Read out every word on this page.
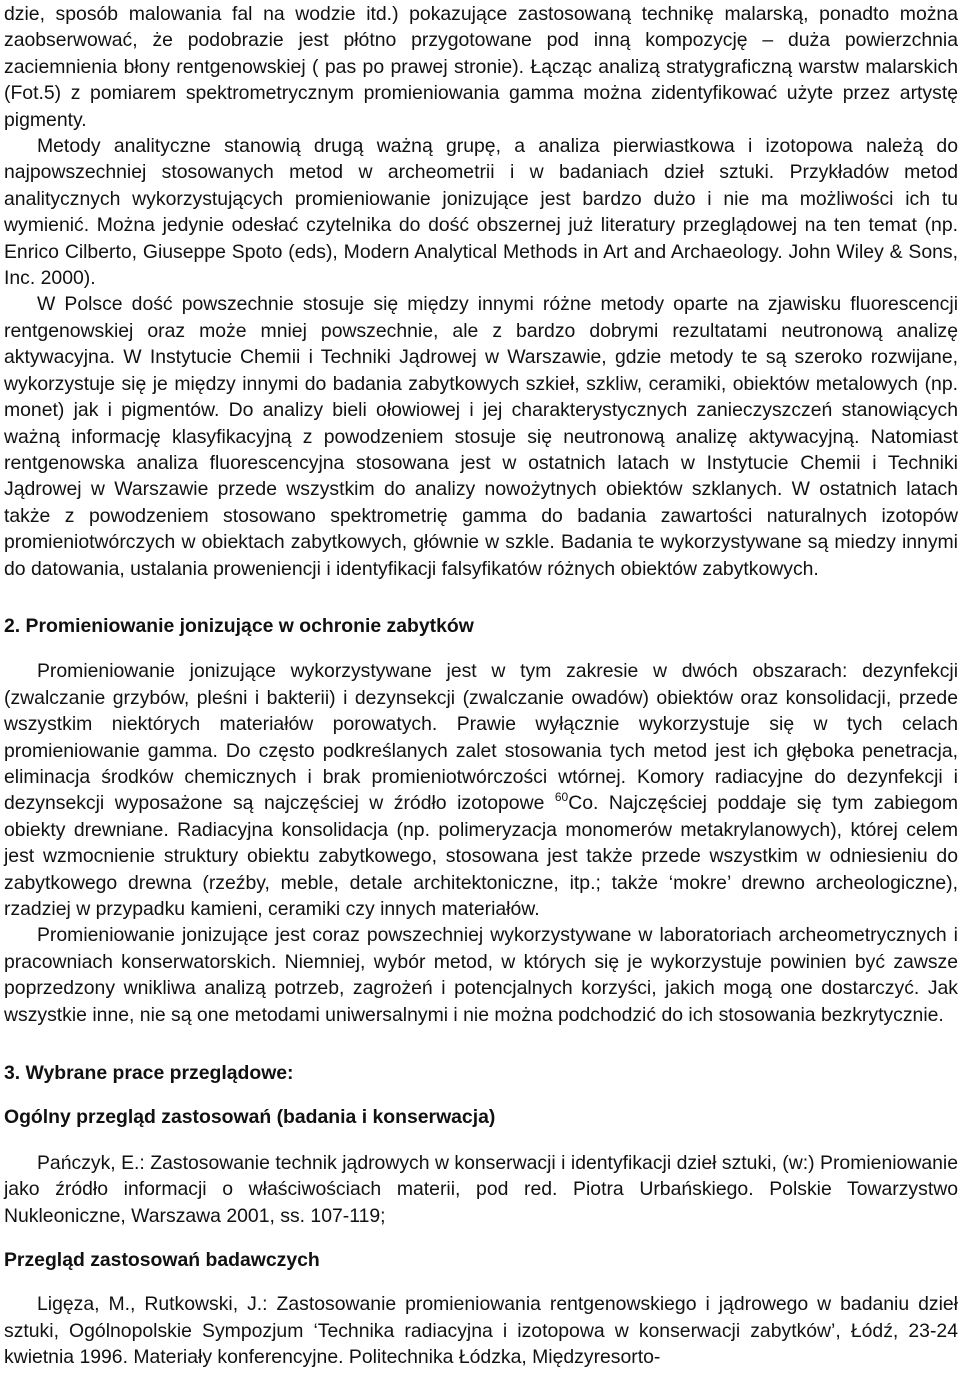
dzie, sposób malowania fal na wodzie itd.) pokazujące zastosowaną technikę malarską, ponadto można zaobserwować, że podobrazie jest płótno przygotowane pod inną kompozycję – duża powierzchnia zaciemnienia błony rentgenowskiej ( pas po prawej stronie). Łącząc analizą stratygraficzną warstw malarskich (Fot.5) z pomiarem spektrometrycznym promieniowania gamma można zidentyfikować użyte przez artystę pigmenty.

Metody analityczne stanowią drugą ważną grupę, a analiza pierwiastkowa i izotopowa należą do najpowszechniej stosowanych metod w archeometrii i w badaniach dzieł sztuki. Przykładów metod analitycznych wykorzystujących promieniowanie jonizujące jest bardzo dużo i nie ma możliwości ich tu wymienić. Można jedynie odesłać czytelnika do dość obszernej już literatury przeglądowej na ten temat (np. Enrico Cilberto, Giuseppe Spoto (eds), Modern Analytical Methods in Art and Archaeology. John Wiley & Sons, Inc. 2000).

W Polsce dość powszechnie stosuje się między innymi różne metody oparte na zjawisku fluorescencji rentgenowskiej oraz może mniej powszechnie, ale z bardzo dobrymi rezultatami neutronową analizę aktywacyjna. W Instytucie Chemii i Techniki Jądrowej w Warszawie, gdzie metody te są szeroko rozwijane, wykorzystuje się je między innymi do badania zabytkowych szkieł, szkliw, ceramiki, obiektów metalowych (np. monet) jak i pigmentów. Do analizy bieli ołowiowej i jej charakterystycznych zanieczyszczeń stanowiących ważną informację klasyfikacyjną z powodzeniem stosuje się neutronową analizę aktywacyjną. Natomiast rentgenowska analiza fluorescencyjna stosowana jest w ostatnich latach w Instytucie Chemii i Techniki Jądrowej w Warszawie przede wszystkim do analizy nowożytnych obiektów szklanych. W ostatnich latach także z powodzeniem stosowano spektrometrię gamma do badania zawartości naturalnych izotopów promieniotwórczych w obiektach zabytkowych, głównie w szkle. Badania te wykorzystywane są miedzy innymi do datowania, ustalania proweniencji i identyfikacji falsyfikatów różnych obiektów zabytkowych.

2. Promieniowanie jonizujące w ochronie zabytków

Promieniowanie jonizujące wykorzystywane jest w tym zakresie w dwóch obszarach: dezynfekcji (zwalczanie grzybów, pleśni i bakterii) i dezynsekcji (zwalczanie owadów) obiektów oraz konsolidacji, przede wszystkim niektórych materiałów porowatych. Prawie wyłącznie wykorzystuje się w tych celach promieniowanie gamma. Do często podkreślanych zalet stosowania tych metod jest ich głęboka penetracja, eliminacja środków chemicznych i brak promieniotwórczości wtórnej. Komory radiacyjne do dezynfekcji i dezynsekcji wyposażone są najczęściej w źródło izotopowe $^{60}$Co. Najczęściej poddaje się tym zabiegom obiekty drewniane. Radiacyjna konsolidacja (np. polimeryzacja monomerów metakrylanowych), której celem jest wzmocnienie struktury obiektu zabytkowego, stosowana jest także przede wszystkim w odniesieniu do zabytkowego drewna (rzeźby, meble, detale architektoniczne, itp.; także ‘mokre’ drewno archeologiczne), rzadziej w przypadku kamieni, ceramiki czy innych materiałów.

Promieniowanie jonizujące jest coraz powszechniej wykorzystywane w laboratoriach archeometrycznych i pracowniach konserwatorskich. Niemniej, wybór metod, w których się je wykorzystuje powinien być zawsze poprzedzony wnikliwa analizą potrzeb, zagrożeń i potencjalnych korzyści, jakich mogą one dostarczyć. Jak wszystkie inne, nie są one metodami uniwersalnymi i nie można podchodzić do ich stosowania bezkrytycznie.

3. Wybrane prace przeglądowe:
Ogólny przegląd zastosowań (badania i konserwacja)

Pańczyk, E.: Zastosowanie technik jądrowych w konserwacji i identyfikacji dzieł sztuki, (w:) Promieniowanie jako źródło informacji o właściwościach materii, pod red. Piotra Urbańskiego. Polskie Towarzystwo Nukleoniczne, Warszawa 2001, ss. 107-119;

Przegląd zastosowań badawczych

Ligęza, M., Rutkowski, J.: Zastosowanie promieniowania rentgenowskiego i jądrowego w badaniu dzieł sztuki, Ogólnopolskie Sympozjum ‘Technika radiacyjna i izotopowa w konserwacji zabytków’, Łódź, 23-24 kwietnia 1996. Materiały konferencyjne. Politechnika Łódzka, Międzyresorto-
